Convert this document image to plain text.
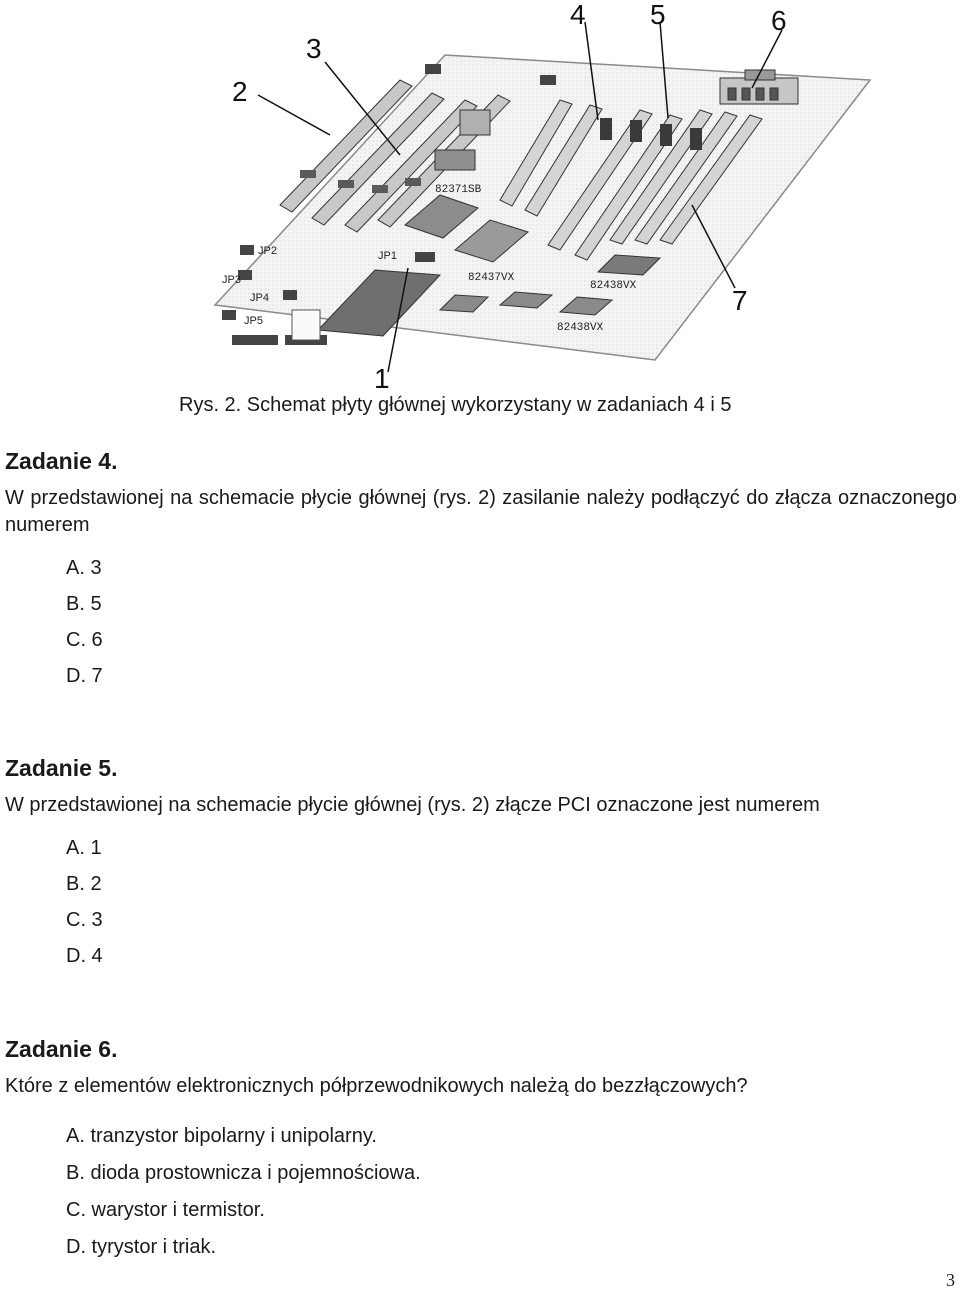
82371SB
82437VX
82438VX
82438VX
JP1
JP2
JP3
JP4
JP5
1
2
3
4 5	6
7
Rys. 2. Schemat płyty głównej wykorzystany w zadaniach 4 i 5
Zadanie 4.
W przedstawionej na schemacie płycie głównej (rys. 2) zasilanie należy podłączyć do złącza oznaczonego numerem
A. 3
B. 5
C. 6
D. 7
Zadanie 5.
W przedstawionej na schemacie płycie głównej (rys. 2) złącze PCI oznaczone jest numerem
A. 1
B. 2
C. 3
D. 4
Zadanie 6.
Które z elementów elektronicznych półprzewodnikowych należą do bezzłączowych?
A. tranzystor bipolarny i unipolarny.
B. dioda prostownicza i pojemnościowa.
C. warystor i termistor.
D. tyrystor i triak.
3
